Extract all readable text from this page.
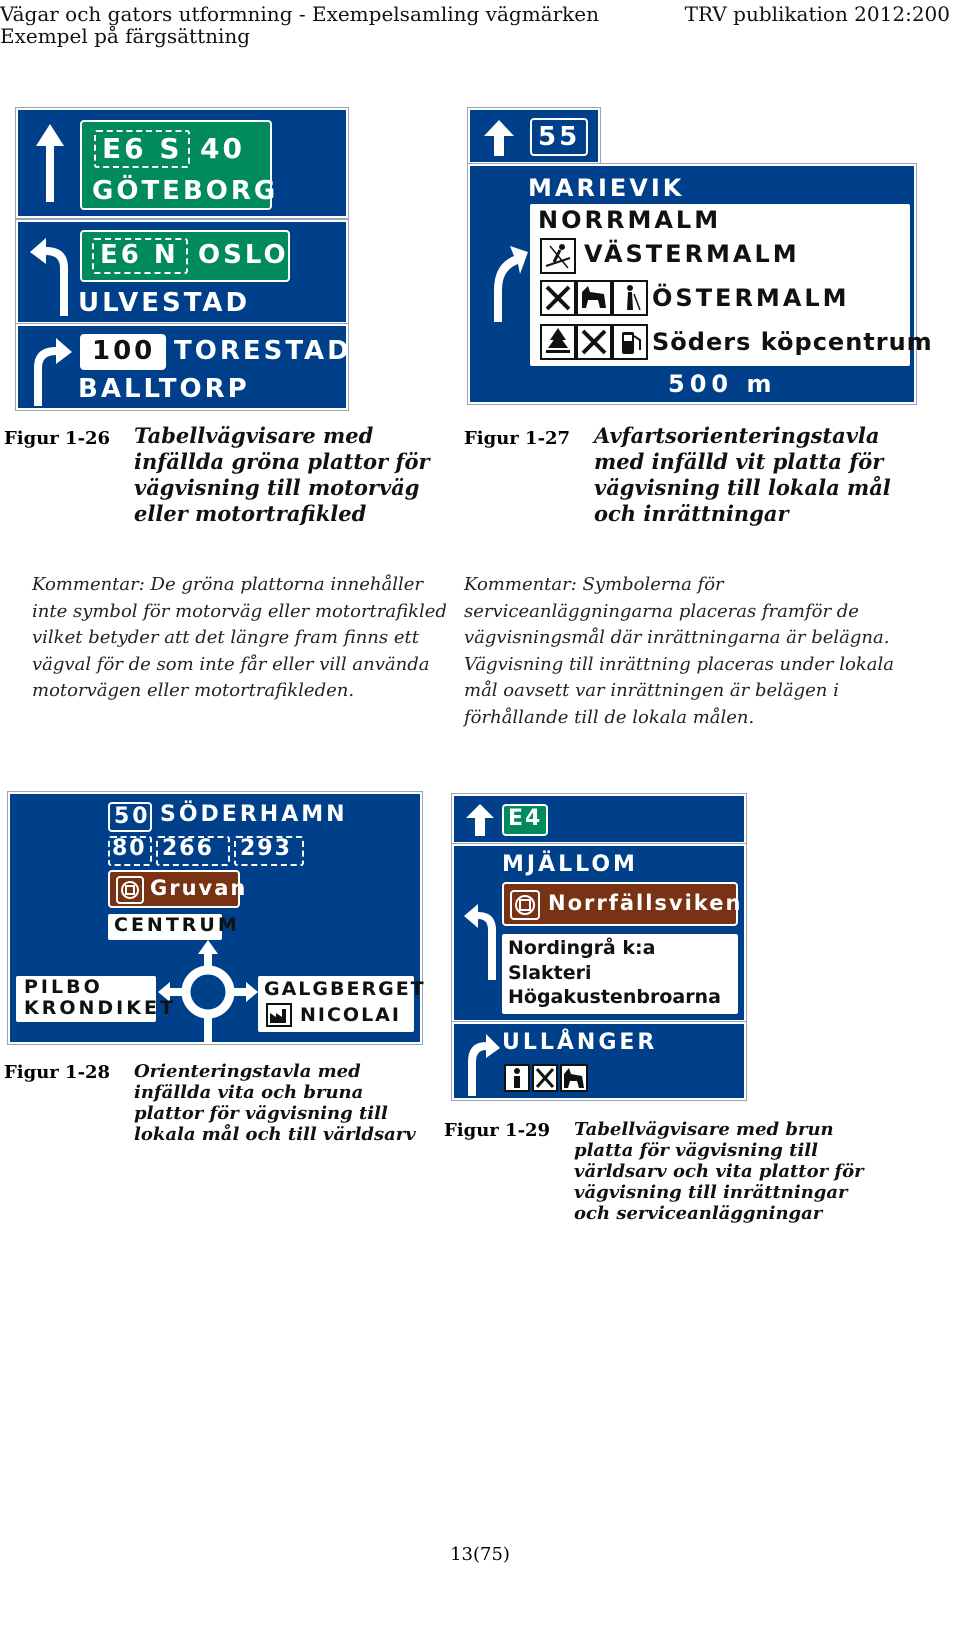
Vägar och gators utformning - Exempelsamling vägmärken
Exempel på färgsättning
TRV publikation 2012:200
E6 S 40
GÖTEBORG
E6 N OSLO
ULVESTAD
100 TORESTAD
BALLTORP
Figur 1-26 Tabellvägvisare med infällda gröna plattor för vägvisning till motorväg eller motortrafikled
Kommentar: De gröna plattorna innehåller inte symbol för motorväg eller motortrafikled vilket betyder att det längre fram finns ett vägval för de som inte får eller vill använda motorvägen eller motortrafikleden.
55
MARIEVIK
NORRMALM
VÄSTERMALM
ÖSTERMALM
Söders köpcentrum
500 m
Figur 1-27 Avfartsorienteringstavla med infälld vit platta för vägvisning till lokala mål och inrättningar
Kommentar: Symbolerna för serviceanläggningarna placeras framför de vägvisningsmål där inrättningarna är belägna. Vägvisning till inrättning placeras under lokala mål oavsett var inrättningen är belägen i förhållande till de lokala målen.
50 SÖDERHAMN
80 266 293
Gruvan
CENTRUM
PILBO
KRONDIKET
GALGBERGET
NICOLAI
Figur 1-28 Orienteringstavla med infällda vita och bruna plattor för vägvisning till lokala mål och till världsarv
E4
MJÄLLOM
Norrfällsviken
Nordingrå k:a
Slakteri
Högakustenbroarna
ULLÅNGER
Figur 1-29 Tabellvägvisare med brun platta för vägvisning till världsarv och vita plattor för vägvisning till inrättningar och serviceanläggningar
13(75)
